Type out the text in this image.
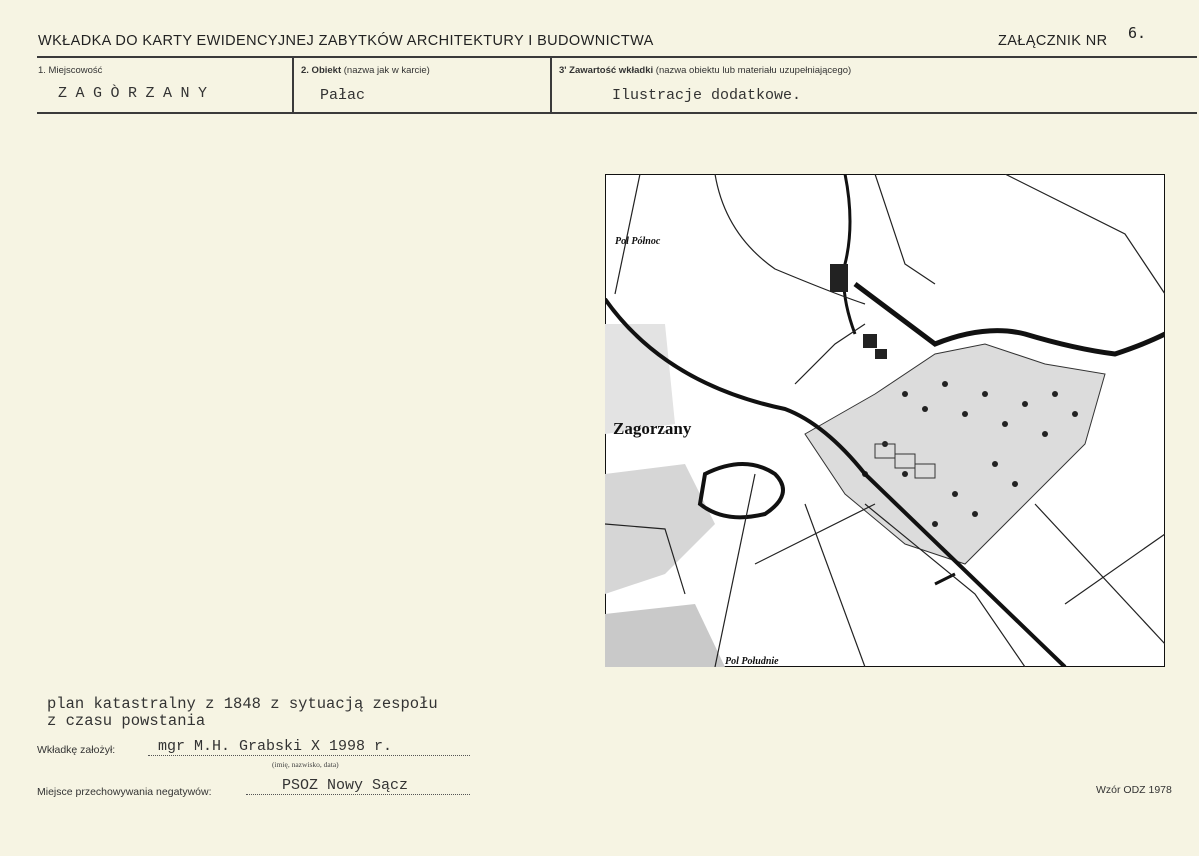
WKŁADKA DO KARTY EWIDENCYJNEJ ZABYTKÓW ARCHITEKTURY I BUDOWNICTWA	ZAŁĄCZNIK NR 6.
1. Miejscowość	2. Obiekt (nazwa jak w karcie)	3' Zawartość wkładki (nazwa obiektu lub materiału uzupełniającego)
ZAGÒRZANY	Pałac	Ilustracje dodatkowe.
Zagorzany
Pol Północ
Pol Południe
plan katastralny z 1848 z sytuacją zespołu
z czasu powstania
Wkładkę założył:	mgr M.H. Grabski X 1998 r.
(imię, nazwisko, data)
Miejsce przechowywania negatywów:	PSOZ Nowy Sącz	Wzór ODZ 1978
